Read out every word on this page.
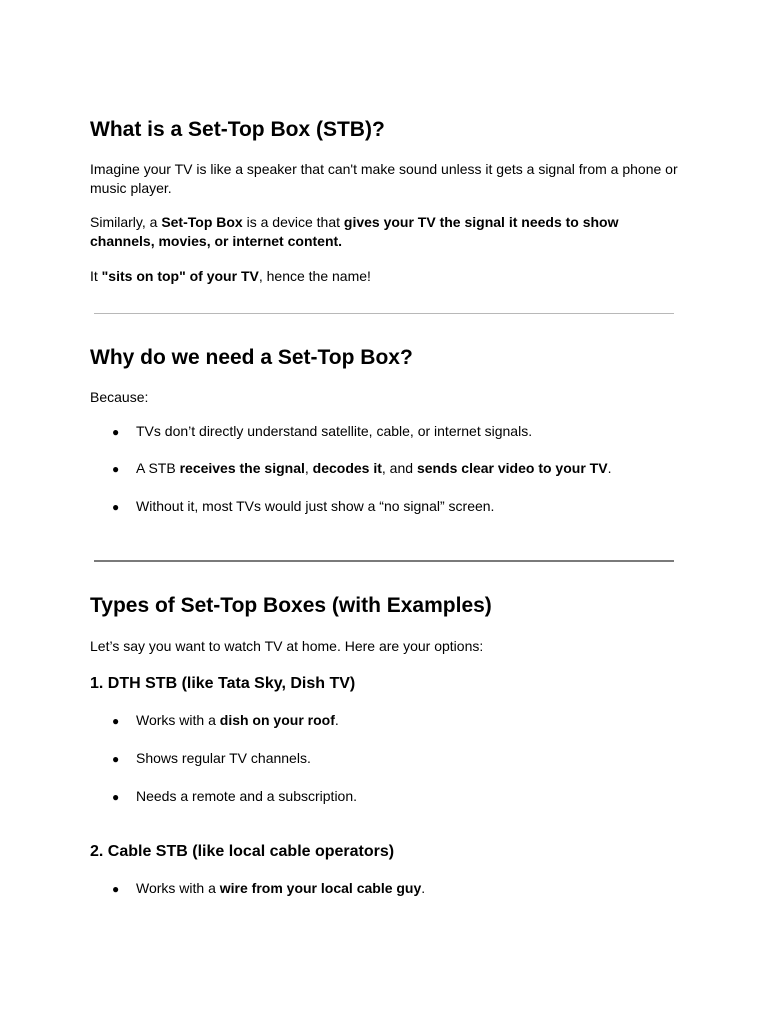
What is a Set-Top Box (STB)?

Imagine your TV is like a speaker that can't make sound unless it gets a signal from a phone or music player.

Similarly, a Set-Top Box is a device that gives your TV the signal it needs to show channels, movies, or internet content.

It "sits on top" of your TV, hence the name!

Why do we need a Set-Top Box?

Because:

● TVs don’t directly understand satellite, cable, or internet signals.
● A STB receives the signal, decodes it, and sends clear video to your TV.
● Without it, most TVs would just show a “no signal” screen.
Types of Set-Top Boxes (with Examples)

Let’s say you want to watch TV at home. Here are your options:

1. DTH STB (like Tata Sky, Dish TV)
● Works with a dish on your roof.
● Shows regular TV channels.
● Needs a remote and a subscription.
2. Cable STB (like local cable operators)
● Works with a wire from your local cable guy.
